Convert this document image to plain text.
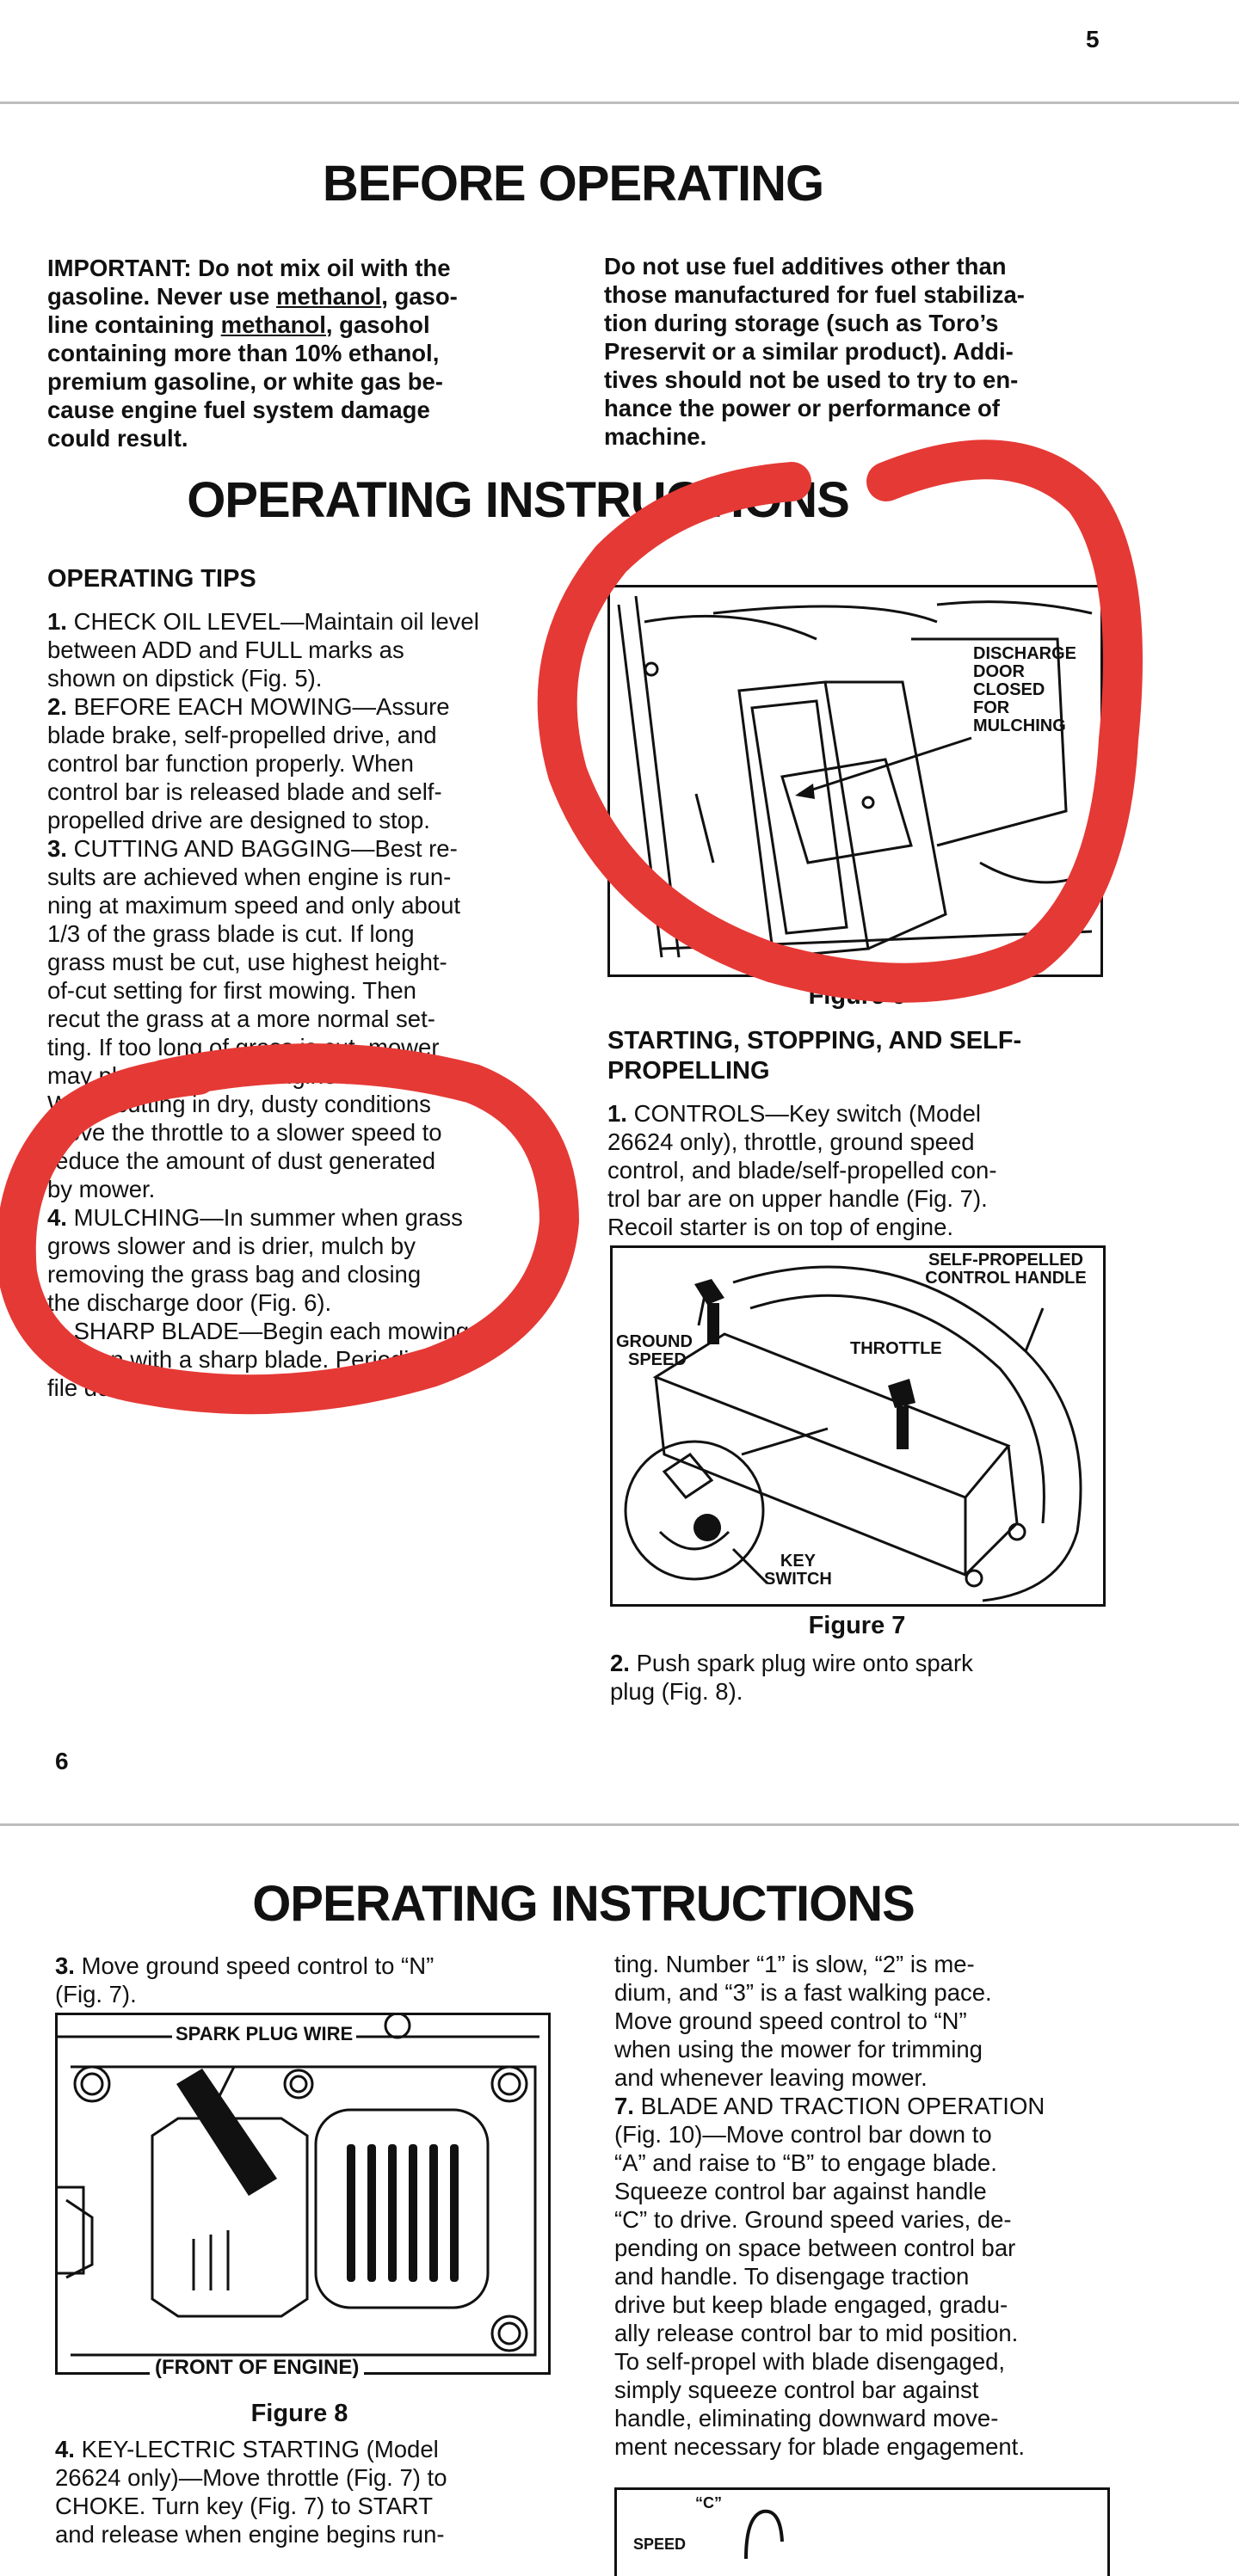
5
BEFORE OPERATING

IMPORTANT: Do not mix oil with the

gasoline. Never use methanol, gaso-

line containing methanol, gasohol

containing more than 10% ethanol,

premium gasoline, or white gas be-

cause engine fuel system damage

could result.

Do not use fuel additives other than

those manufactured for fuel stabiliza-

tion during storage (such as Toro’s

Preservit or a similar product). Addi-

tives should not be used to try to en-

hance the power or performance of

machine.

OPERATING INSTRUCTIONS
OPERATING TIPS

1. CHECK OIL LEVEL—Maintain oil level

between ADD and FULL marks as

shown on dipstick (Fig. 5).

2. BEFORE EACH MOWING—Assure

blade brake, self-propelled drive, and

control bar function properly. When

control bar is released blade and self-

propelled drive are designed to stop.

3. CUTTING AND BAGGING—Best re-

sults are achieved when engine is run-

ning at maximum speed and only about

1/3 of the grass blade is cut. If long

grass must be cut, use highest height-

of-cut setting for first mowing. Then

recut the grass at a more normal set-

ting. If too long of grass is cut, mower

may plug and cause engine to stall.

When cutting in dry, dusty conditions

move the throttle to a slower speed to

reduce the amount of dust generated

by mower.

4. MULCHING—In summer when grass

grows slower and is drier, mulch by

removing the grass bag and closing

the discharge door (Fig. 6).

5. SHARP BLADE—Begin each mowing

season with a sharp blade. Periodically

file down nicks.

DISCHARGE
DOOR
CLOSED
FOR
MULCHING
Figure 6
STARTING, STOPPING, AND SELF-
PROPELLING

1. CONTROLS—Key switch (Model

26624 only), throttle, ground speed

control, and blade/self-propelled con-

trol bar are on upper handle (Fig. 7).

Recoil starter is on top of engine.

SELF-PROPELLED
CONTROL HANDLE
GROUND
SPEED
THROTTLE
KEY
SWITCH
Figure 7

2. Push spark plug wire onto spark

plug (Fig. 8).

6
OPERATING INSTRUCTIONS

3. Move ground speed control to “N”

(Fig. 7).

SPARK PLUG WIRE
(FRONT OF ENGINE)
Figure 8

4. KEY-LECTRIC STARTING (Model

26624 only)—Move throttle (Fig. 7) to

CHOKE. Turn key (Fig. 7) to START

and release when engine begins run-

ting. Number “1” is slow, “2” is me-

dium, and “3” is a fast walking pace.

Move ground speed control to “N”

when using the mower for trimming

and whenever leaving mower.

7. BLADE AND TRACTION OPERATION

(Fig. 10)—Move control bar down to

“A” and raise to “B” to engage blade.

Squeeze control bar against handle

“C” to drive. Ground speed varies, de-

pending on space between control bar

and handle. To disengage traction

drive but keep blade engaged, gradu-

ally release control bar to mid position.

To self-propel with blade disengaged,

simply squeeze control bar against

handle, eliminating downward move-

ment necessary for blade engagement.

“C”
SPEED
